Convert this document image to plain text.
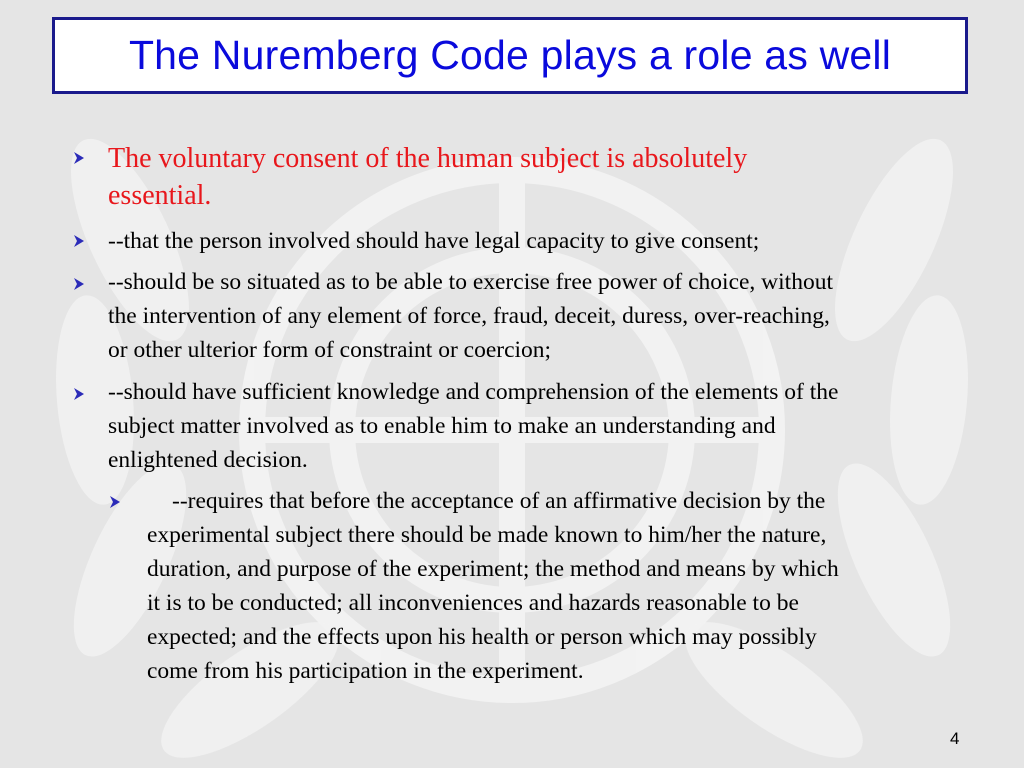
The Nuremberg Code plays a role as well
The voluntary consent of the human subject is absolutely
essential.
--that the person involved should have legal capacity to give consent;
--should be so situated as to be able to exercise free power of choice, without
the intervention of any element of force, fraud, deceit, duress, over-reaching,
or other ulterior form of constraint or coercion;
--should have sufficient knowledge and comprehension of the elements of the
subject matter involved as to enable him to make an understanding and
enlightened decision.
--requires that before the acceptance of an affirmative decision by the
experimental subject there should be made known to him/her the nature,
duration, and purpose of the experiment; the method and means by which
it is to be conducted; all inconveniences and hazards reasonable to be
expected; and the effects upon his health or person which may possibly
come from his participation in the experiment.
4
